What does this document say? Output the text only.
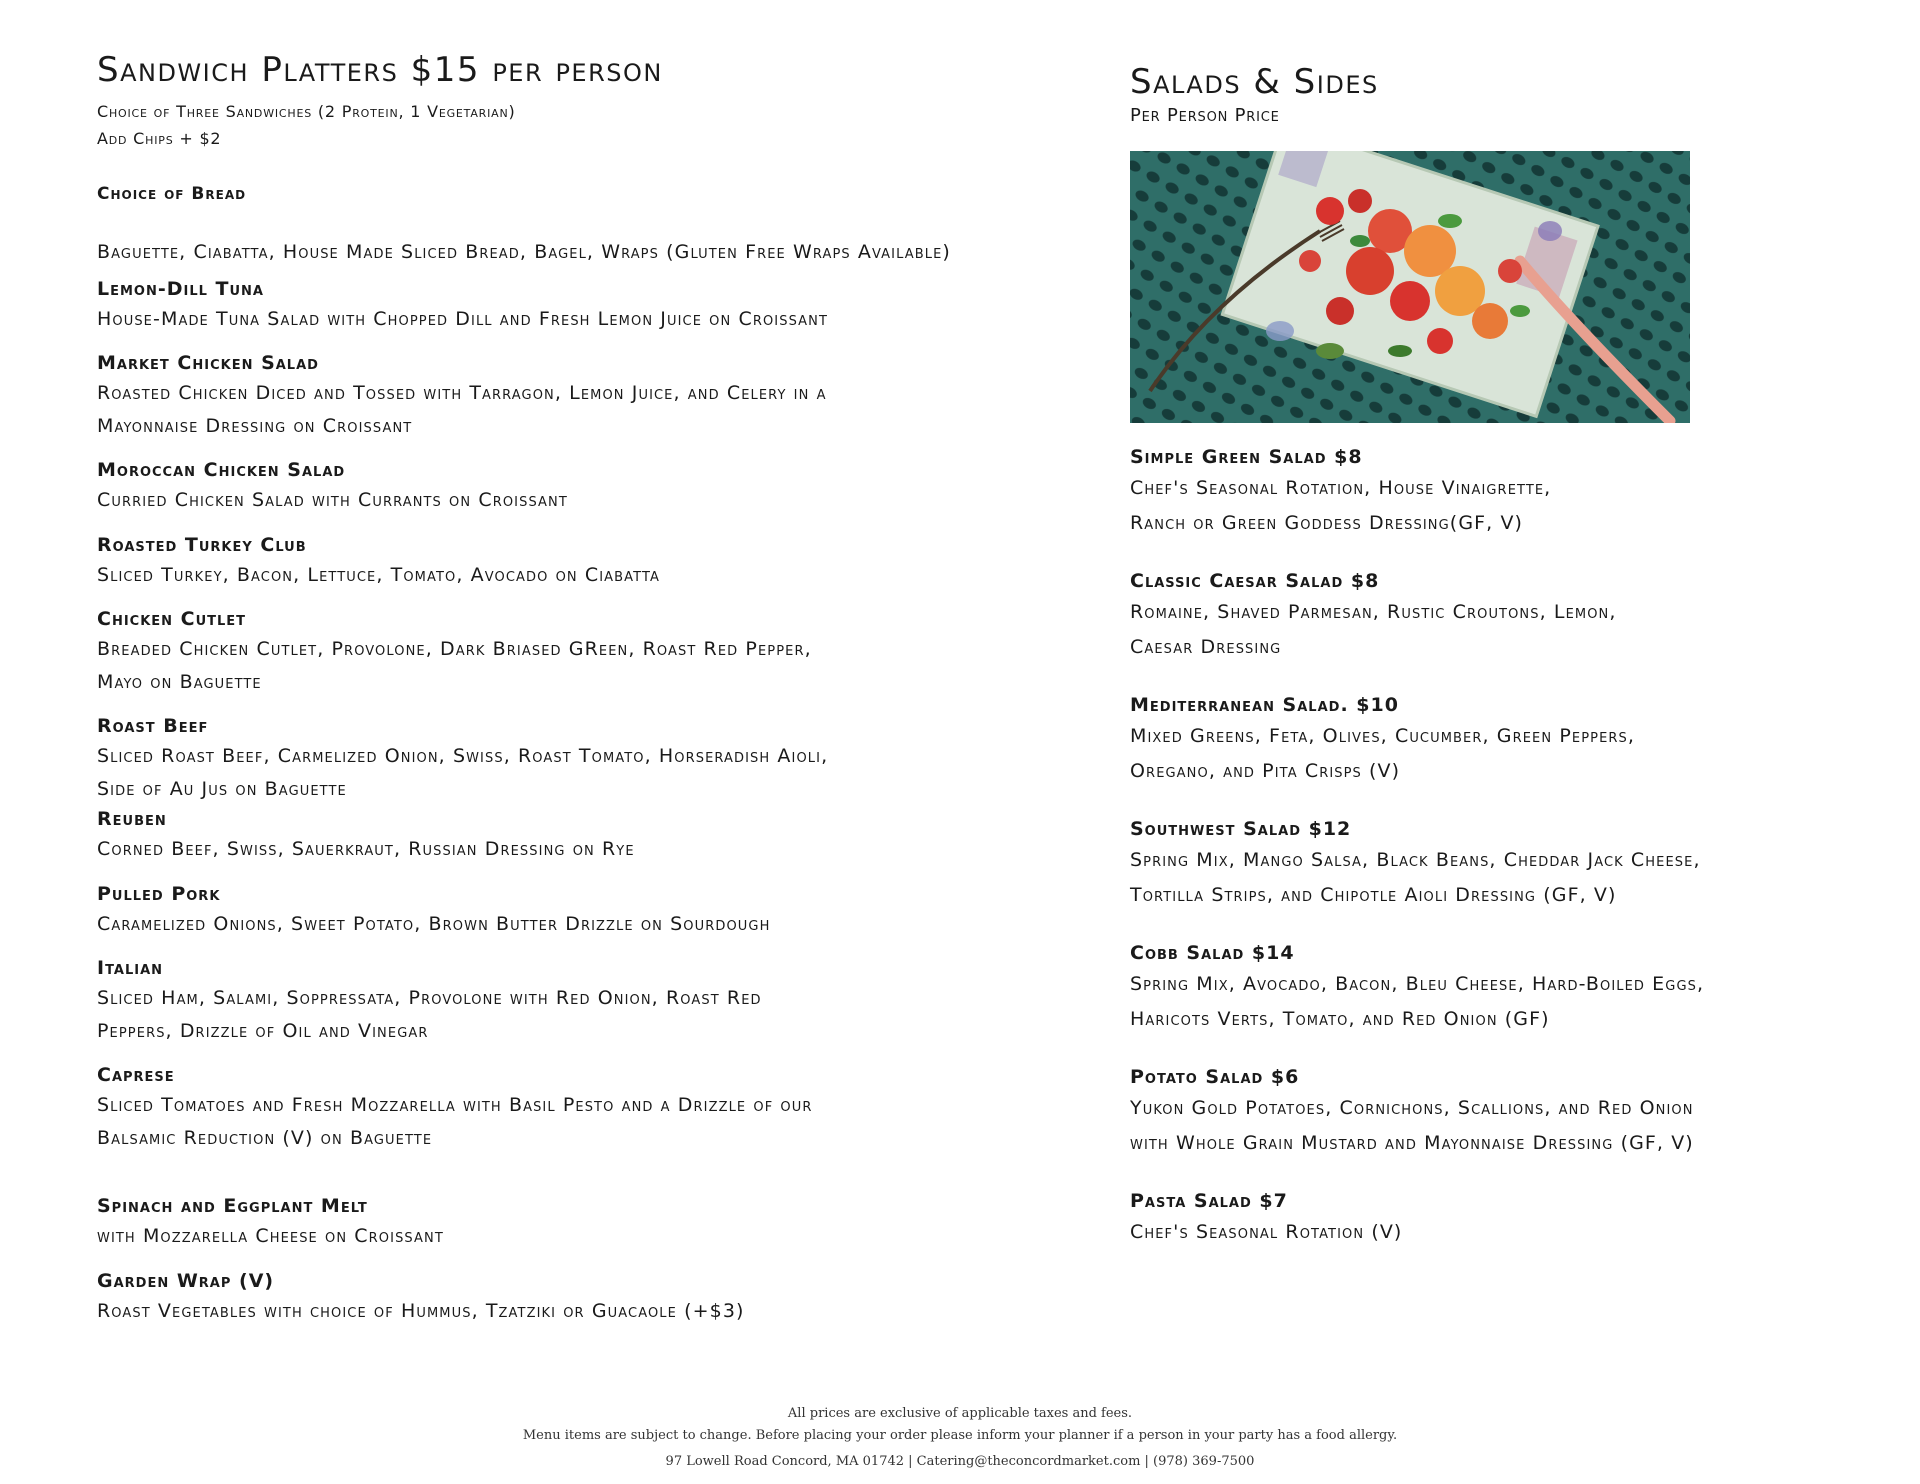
Sandwich Platters $15 per person

Choice of Three Sandwiches (2 Protein, 1 Vegetarian)

Add Chips + $2

Choice of Bread

Baguette, Ciabatta, House Made Sliced Bread, Bagel, Wraps (Gluten Free Wraps Available)

Lemon-Dill Tuna

House-Made Tuna Salad with Chopped Dill and Fresh Lemon Juice on Croissant

Market Chicken Salad

Roasted Chicken Diced and Tossed with Tarragon, Lemon Juice, and Celery in a

Mayonnaise Dressing on Croissant

Moroccan Chicken Salad

Curried Chicken Salad with Currants on Croissant

Roasted Turkey Club

Sliced Turkey, Bacon, Lettuce, Tomato, Avocado on Ciabatta

Chicken Cutlet

Breaded Chicken Cutlet, Provolone, Dark Briased GReen, Roast Red Pepper,

Mayo on Baguette

Roast Beef

Sliced Roast Beef, Carmelized Onion, Swiss, Roast Tomato, Horseradish Aioli,

Side of Au Jus on Baguette

Reuben

Corned Beef, Swiss, Sauerkraut, Russian Dressing on Rye

Pulled Pork

Caramelized Onions, Sweet Potato, Brown Butter Drizzle on Sourdough

Italian

Sliced Ham, Salami, Soppressata, Provolone with Red Onion, Roast Red

Peppers, Drizzle of Oil and Vinegar

Caprese

Sliced Tomatoes and Fresh Mozzarella with Basil Pesto and a Drizzle of our

Balsamic Reduction (V) on Baguette

Spinach and Eggplant Melt

with Mozzarella Cheese on Croissant

Garden Wrap (V)

Roast Vegetables with choice of Hummus, Tzatziki or Guacaole (+$3)

Salads & Sides

Per Person Price

Simple Green Salad $8

Chef's Seasonal Rotation, House Vinaigrette,

Ranch or Green Goddess Dressing(GF, V)

Classic Caesar Salad $8

Romaine, Shaved Parmesan, Rustic Croutons, Lemon,

Caesar Dressing

Mediterranean Salad. $10

Mixed Greens, Feta, Olives, Cucumber, Green Peppers,

Oregano, and Pita Crisps (V)

Southwest Salad $12

Spring Mix, Mango Salsa, Black Beans, Cheddar Jack Cheese,

Tortilla Strips, and Chipotle Aioli Dressing (GF, V)

Cobb Salad $14

Spring Mix, Avocado, Bacon, Bleu Cheese, Hard-Boiled Eggs,

Haricots Verts, Tomato, and Red Onion (GF)

Potato Salad $6

Yukon Gold Potatoes, Cornichons, Scallions, and Red Onion

with Whole Grain Mustard and Mayonnaise Dressing (GF, V)

Pasta Salad $7

Chef's Seasonal Rotation (V)

All prices are exclusive of applicable taxes and fees.
Menu items are subject to change. Before placing your order please inform your planner if a person in your party has a food allergy.
97 Lowell Road Concord, MA 01742 | Catering@theconcordmarket.com | (978) 369-7500
